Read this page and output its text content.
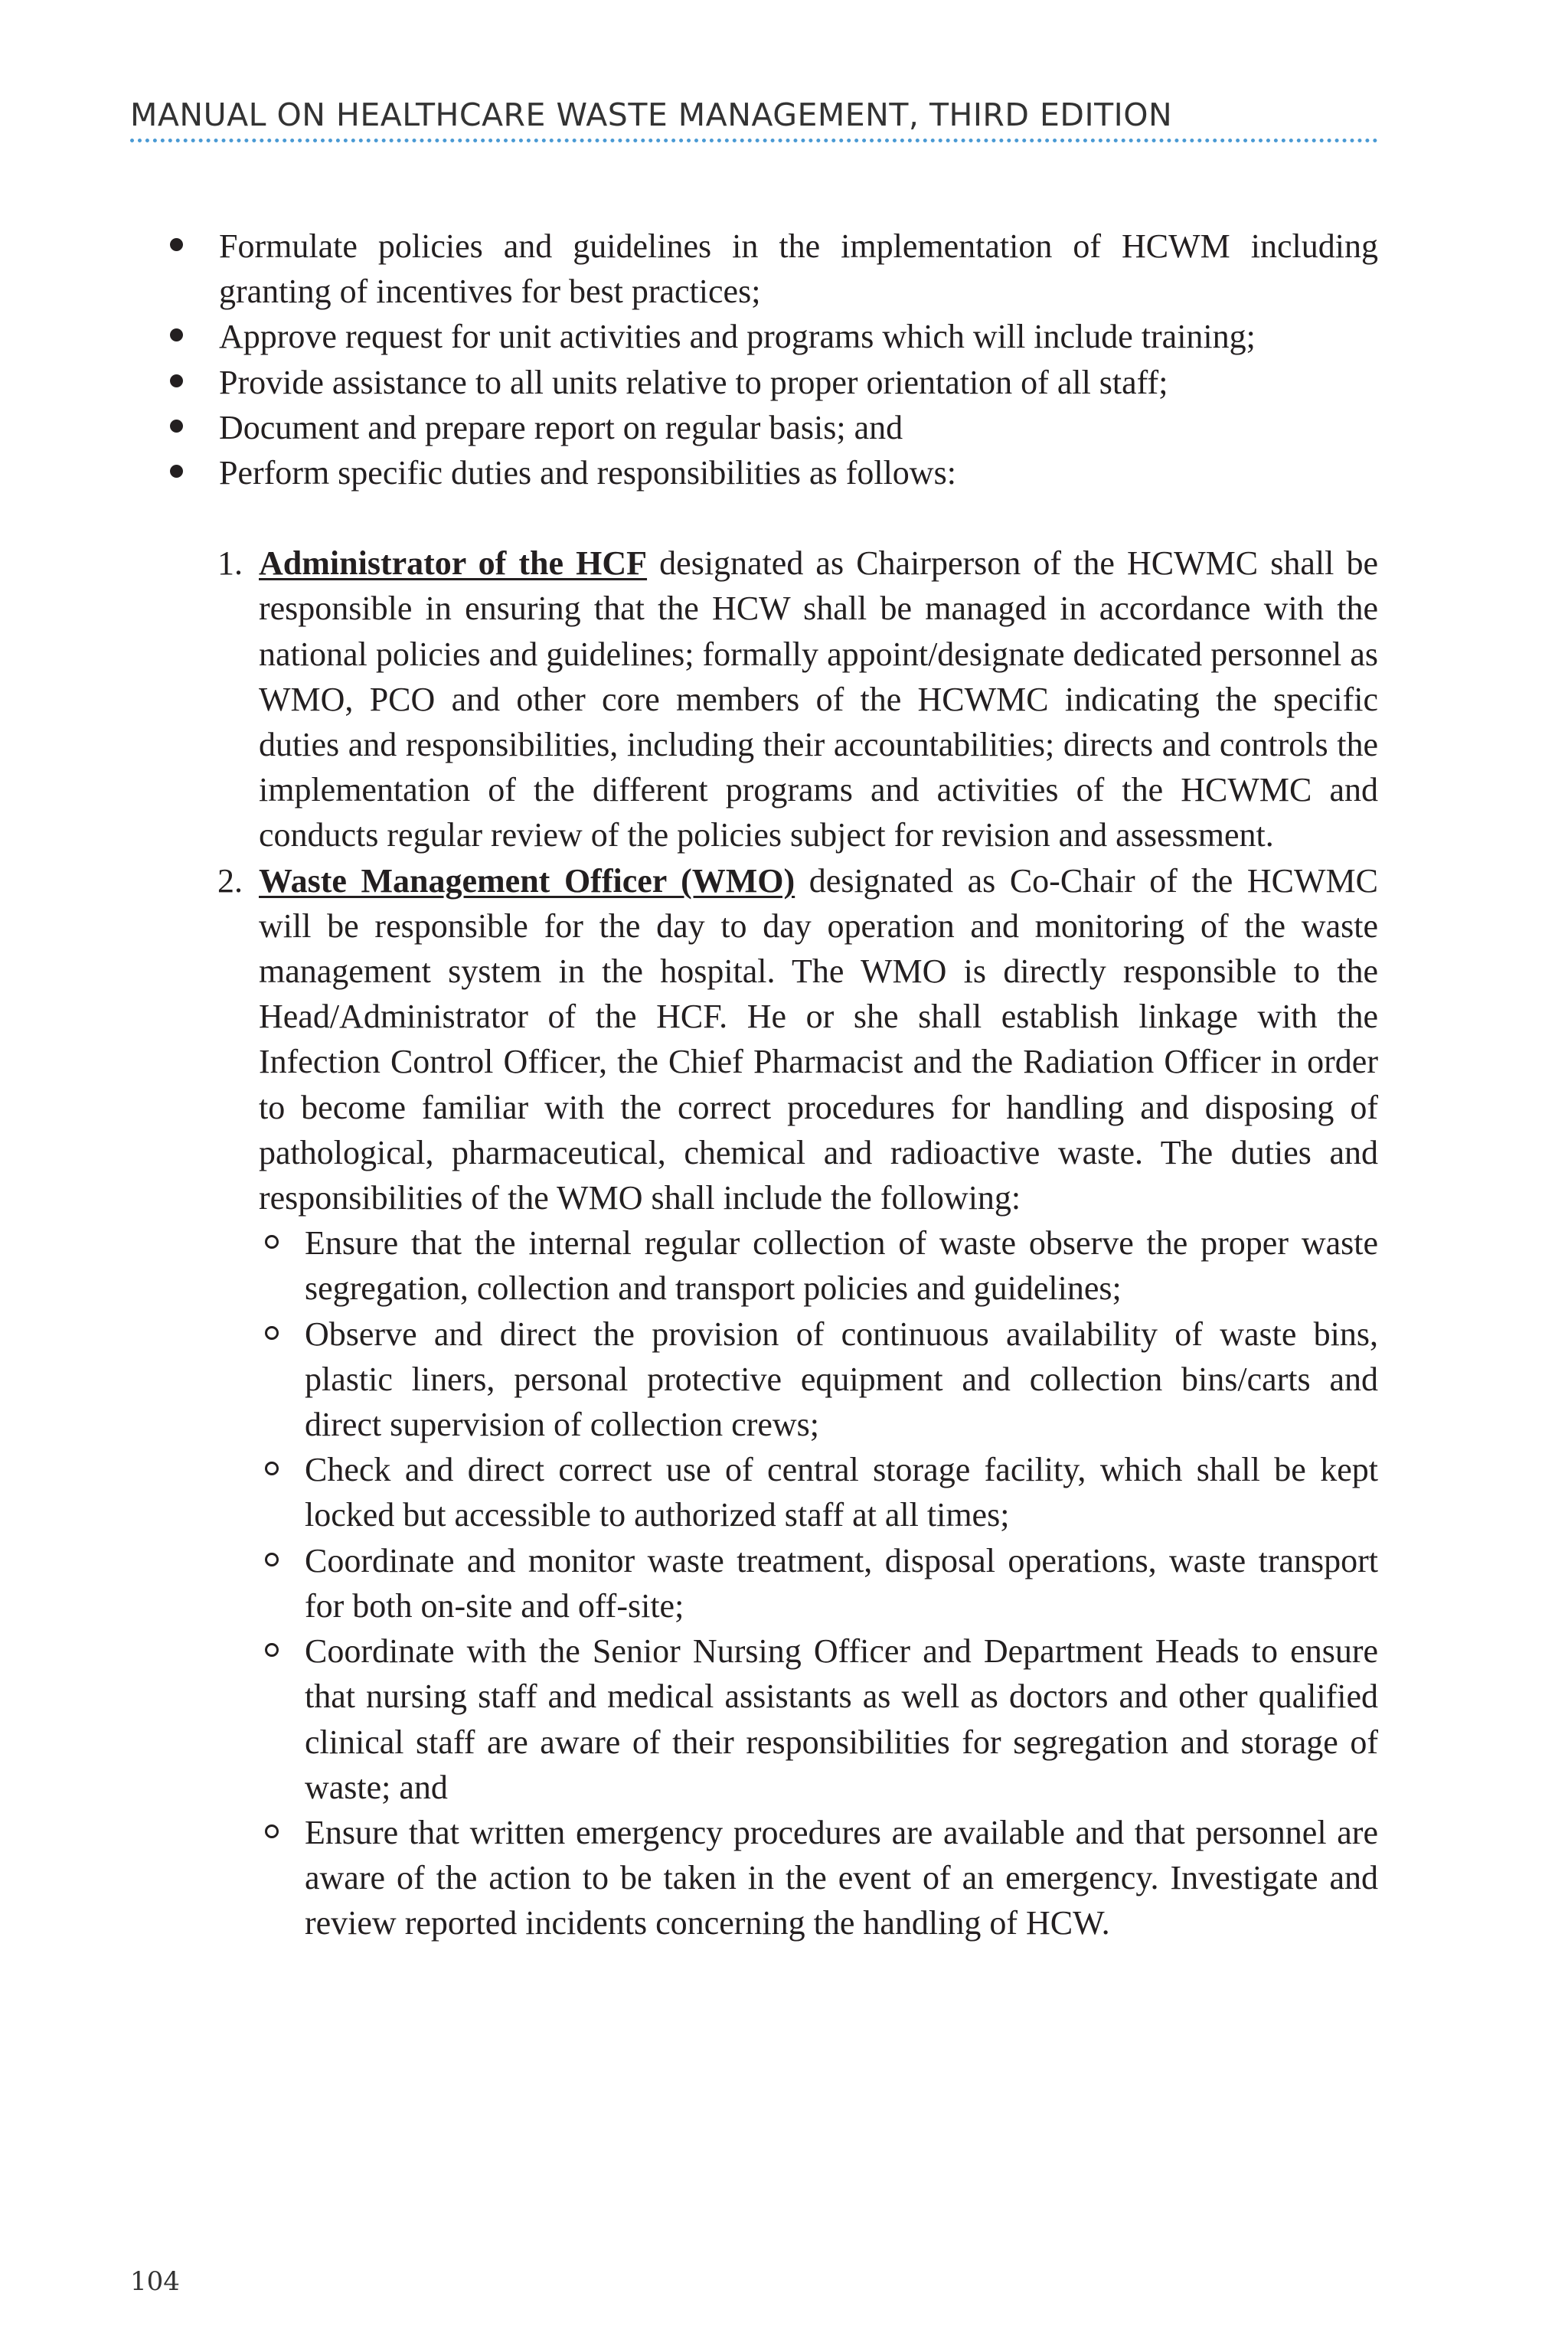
MANUAL ON HEALTHCARE WASTE MANAGEMENT, THIRD EDITION
Formulate policies and guidelines in the implementation of HCWM including granting of incentives for best practices;
Approve request for unit activities and programs which will include training;
Provide assistance to all units relative to proper orientation of all staff;
Document and prepare report on regular basis; and
Perform specific duties and responsibilities as follows:
1. Administrator of the HCF designated as Chairperson of the HCWMC shall be responsible in ensuring that the HCW shall be managed in accordance with the national policies and guidelines; formally appoint/designate dedicated personnel as WMO, PCO and other core members of the HCWMC indicating the specific duties and responsibilities, including their accountabilities; directs and controls the implementation of the different programs and activities of the HCWMC and conducts regular review of the policies subject for revision and assessment.
2. Waste Management Officer (WMO) designated as Co-Chair of the HCWMC will be responsible for the day to day operation and monitoring of the waste management system in the hospital. The WMO is directly responsible to the Head/Administrator of the HCF. He or she shall establish linkage with the Infection Control Officer, the Chief Pharmacist and the Radiation Officer in order to become familiar with the correct procedures for handling and disposing of pathological, pharmaceutical, chemical and radioactive waste. The duties and responsibilities of the WMO shall include the following:
Ensure that the internal regular collection of waste observe the proper waste segregation, collection and transport policies and guidelines;
Observe and direct the provision of continuous availability of waste bins, plastic liners, personal protective equipment and collection bins/carts and direct supervision of collection crews;
Check and direct correct use of central storage facility, which shall be kept locked but accessible to authorized staff at all times;
Coordinate and monitor waste treatment, disposal operations, waste transport for both on-site and off-site;
Coordinate with the Senior Nursing Officer and Department Heads to ensure that nursing staff and medical assistants as well as doctors and other qualified clinical staff are aware of their responsibilities for segregation and storage of waste; and
Ensure that written emergency procedures are available and that personnel are aware of the action to be taken in the event of an emergency. Investigate and review reported incidents concerning the handling of HCW.
104
